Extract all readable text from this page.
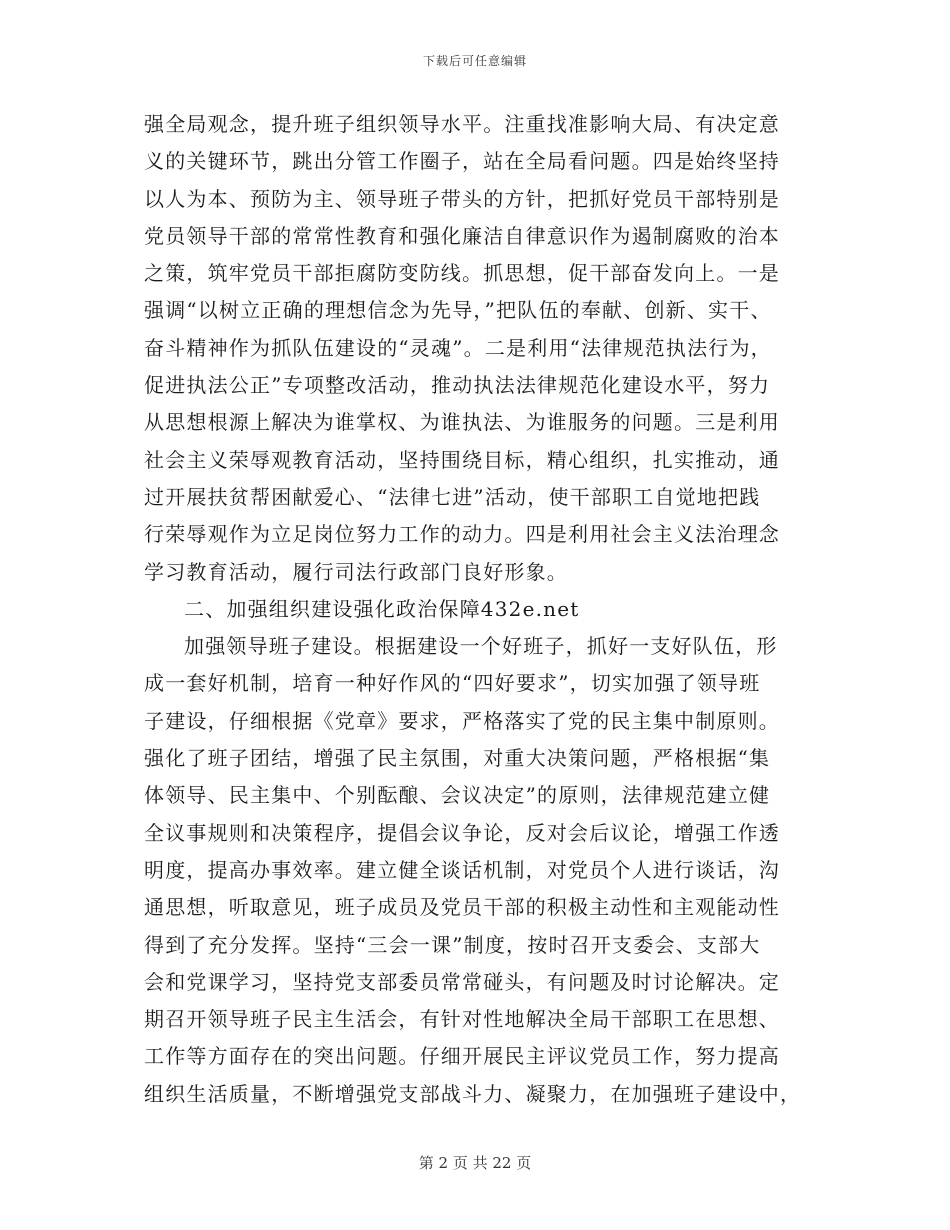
下载后可任意编辑
强全局观念，提升班子组织领导水平。注重找准影响大局、有决定意
义的关键环节，跳出分管工作圈子，站在全局看问题。四是始终坚持
以人为本、预防为主、领导班子带头的方针，把抓好党员干部特别是
党员领导干部的常常性教育和强化廉洁自律意识作为遏制腐败的治本
之策，筑牢党员干部拒腐防变防线。抓思想，促干部奋发向上。一是
强调“以树立正确的理想信念为先导，”把队伍的奉献、创新、实干、
奋斗精神作为抓队伍建设的“灵魂”。二是利用“法律规范执法行为，
促进执法公正”专项整改活动，推动执法法律规范化建设水平，努力
从思想根源上解决为谁掌权、为谁执法、为谁服务的问题。三是利用
社会主义荣辱观教育活动，坚持围绕目标，精心组织，扎实推动，通
过开展扶贫帮困献爱心、“法律七进”活动，使干部职工自觉地把践
行荣辱观作为立足岗位努力工作的动力。四是利用社会主义法治理念
学习教育活动，履行司法行政部门良好形象。
二、加强组织建设强化政治保障432e.net
加强领导班子建设。根据建设一个好班子，抓好一支好队伍，形
成一套好机制，培育一种好作风的“四好要求”，切实加强了领导班
子建设，仔细根据《党章》要求，严格落实了党的民主集中制原则。
强化了班子团结，增强了民主氛围，对重大决策问题，严格根据“集
体领导、民主集中、个别酝酿、会议决定”的原则，法律规范建立健
全议事规则和决策程序，提倡会议争论，反对会后议论，增强工作透
明度，提高办事效率。建立健全谈话机制，对党员个人进行谈话，沟
通思想，听取意见，班子成员及党员干部的积极主动性和主观能动性
得到了充分发挥。坚持“三会一课”制度，按时召开支委会、支部大
会和党课学习，坚持党支部委员常常碰头，有问题及时讨论解决。定
期召开领导班子民主生活会，有针对性地解决全局干部职工在思想、
工作等方面存在的突出问题。仔细开展民主评议党员工作，努力提高
组织生活质量，不断增强党支部战斗力、凝聚力，在加强班子建设中，
第 2 页 共 22 页
